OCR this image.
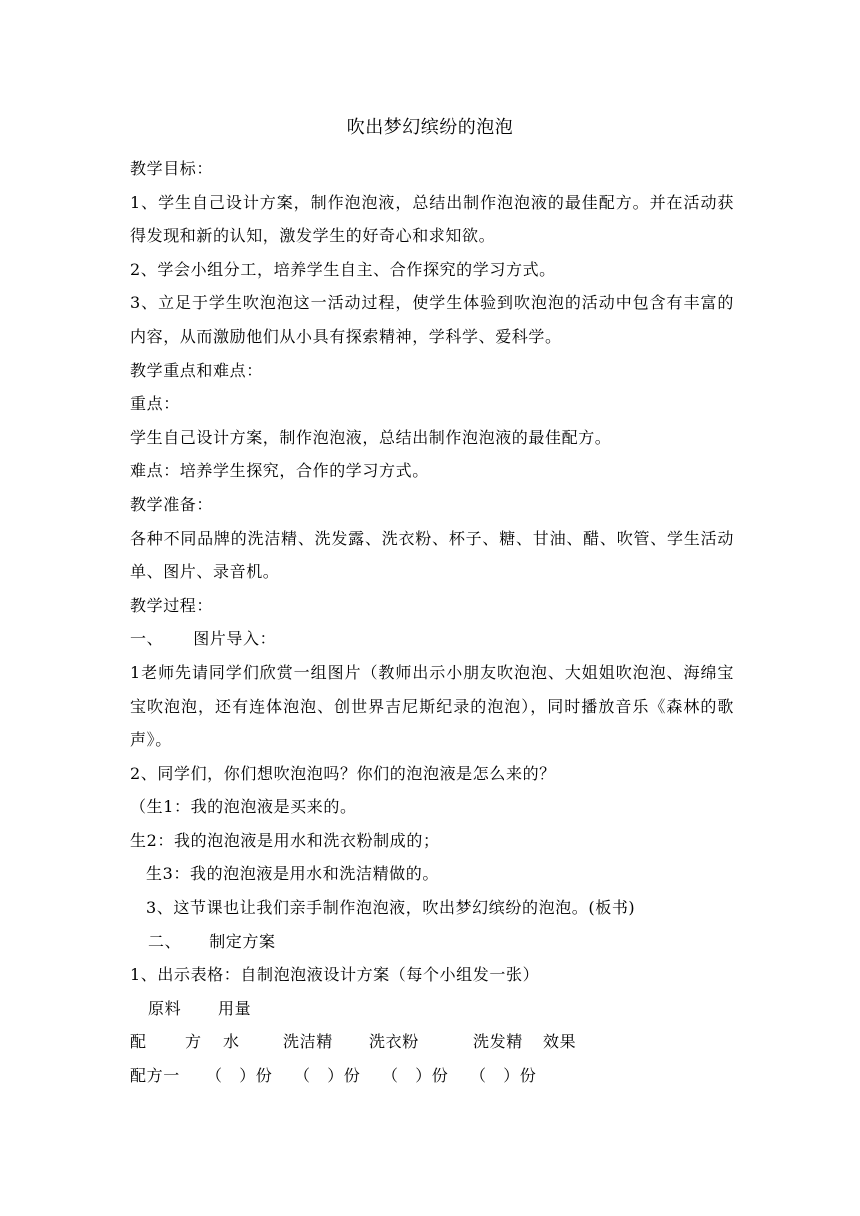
吹出梦幻缤纷的泡泡

教学目标：

1、学生自己设计方案，制作泡泡液，总结出制作泡泡液的最佳配方。并在活动获得发现和新的认知，激发学生的好奇心和求知欲。

2、学会小组分工，培养学生自主、合作探究的学习方式。

3、立足于学生吹泡泡这一活动过程，使学生体验到吹泡泡的活动中包含有丰富的内容，从而激励他们从小具有探索精神，学科学、爱科学。

教学重点和难点：

重点：

学生自己设计方案，制作泡泡液，总结出制作泡泡液的最佳配方。

难点：培养学生探究，合作的学习方式。

教学准备：

各种不同品牌的洗洁精、洗发露、洗衣粉、杯子、糖、甘油、醋、吹管、学生活动单、图片、录音机。

教学过程：

一、 图片导入：

1老师先请同学们欣赏一组图片（教师出示小朋友吹泡泡、大姐姐吹泡泡、海绵宝宝吹泡泡，还有连体泡泡、创世界吉尼斯纪录的泡泡），同时播放音乐《森林的歌声》。

2、同学们，你们想吹泡泡吗？你们的泡泡液是怎么来的？

（生1：我的泡泡液是买来的。

生2：我的泡泡液是用水和洗衣粉制成的；

生3：我的泡泡液是用水和洗洁精做的。

3、这节课也让我们亲手制作泡泡液，吹出梦幻缤纷的泡泡。(板书)

二、 制定方案

1、出示表格：自制泡泡液设计方案（每个小组发一张）

原料 用量

配 方 水	洗洁精 洗衣粉	洗发精 效果

配方一 （　）份 （　）份 （　）份 （　）份
